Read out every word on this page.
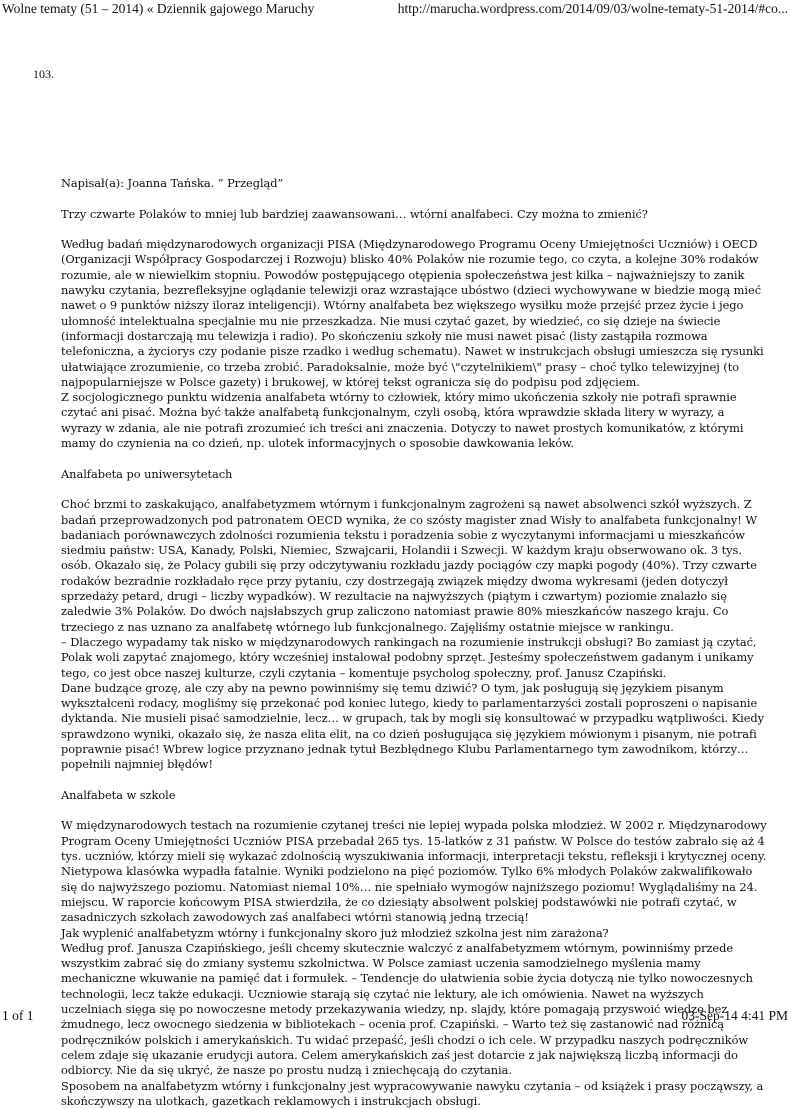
Wolne tematy (51 – 2014) « Dziennik gajowego Maruchy	http://marucha.wordpress.com/2014/09/03/wolne-tematy-51-2014/#co...
103.

Napisał(a): Joanna Tańska. ” Przegląd”

Trzy czwarte Polaków to mniej lub bardziej zaawansowani… wtórni analfabeci. Czy można to zmienić?

Według badań międzynarodowych organizacji PISA (Międzynarodowego Programu Oceny Umiejętności Uczniów) i OECD (Organizacji Współpracy Gospodarczej i Rozwoju) blisko 40% Polaków nie rozumie tego, co czyta, a kolejne 30% rodaków rozumie, ale w niewielkim stopniu. Powodów postępującego otępienia społeczeństwa jest kilka – najważniejszy to zanik nawyku czytania, bezrefleksyjne oglądanie telewizji oraz wzrastające ubóstwo (dzieci wychowywane w biedzie mogą mieć nawet o 9 punktów niższy iloraz inteligencji). Wtórny analfabeta bez większego wysiłku może przejść przez życie i jego ułomność intelektualna specjalnie mu nie przeszkadza. Nie musi czytać gazet, by wiedzieć, co się dzieje na świecie (informacji dostarczają mu telewizja i radio). Po skończeniu szkoły nie musi nawet pisać (listy zastąpiła rozmowa telefoniczna, a życiorys czy podanie pisze rzadko i według schematu). Nawet w instrukcjach obsługi umieszcza się rysunki ułatwiające zrozumienie, co trzeba zrobić. Paradoksalnie, może być \"czytelnikiem\" prasy – choć tylko telewizyjnej (to najpopularniejsze w Polsce gazety) i brukowej, w której tekst ogranicza się do podpisu pod zdjęciem.

Z socjologicznego punktu widzenia analfabeta wtórny to człowiek, który mimo ukończenia szkoły nie potrafi sprawnie czytać ani pisać. Można być także analfabetą funkcjonalnym, czyli osobą, która wprawdzie składa litery w wyrazy, a wyrazy w zdania, ale nie potrafi zrozumieć ich treści ani znaczenia. Dotyczy to nawet prostych komunikatów, z którymi mamy do czynienia na co dzień, np. ulotek informacyjnych o sposobie dawkowania leków.

Analfabeta po uniwersytetach

Choć brzmi to zaskakująco, analfabetyzmem wtórnym i funkcjonalnym zagrożeni są nawet absolwenci szkół wyższych. Z badań przeprowadzonych pod patronatem OECD wynika, że co szósty magister znad Wisły to analfabeta funkcjonalny! W badaniach porównawczych zdolności rozumienia tekstu i poradzenia sobie z wyczytanymi informacjami u mieszkańców siedmiu państw: USA, Kanady, Polski, Niemiec, Szwajcarii, Holandii i Szwecji. W każdym kraju obserwowano ok. 3 tys. osób. Okazało się, że Polacy gubili się przy odczytywaniu rozkładu jazdy pociągów czy mapki pogody (40%). Trzy czwarte rodaków bezradnie rozkładało ręce przy pytaniu, czy dostrzegają związek między dwoma wykresami (jeden dotyczył sprzedaży petard, drugi – liczby wypadków). W rezultacie na najwyższych (piątym i czwartym) poziomie znalazło się zaledwie 3% Polaków. Do dwóch najsłabszych grup zaliczono natomiast prawie 80% mieszkańców naszego kraju. Co trzeciego z nas uznano za analfabetę wtórnego lub funkcjonalnego. Zajęliśmy ostatnie miejsce w rankingu.

– Dlaczego wypadamy tak nisko w międzynarodowych rankingach na rozumienie instrukcji obsługi? Bo zamiast ją czytać, Polak woli zapytać znajomego, który wcześniej instalował podobny sprzęt. Jesteśmy społeczeństwem gadanym i unikamy tego, co jest obce naszej kulturze, czyli czytania – komentuje psycholog społeczny, prof. Janusz Czapiński.

Dane budzące grozę, ale czy aby na pewno powinniśmy się temu dziwić? O tym, jak posługują się językiem pisanym wykształceni rodacy, mogliśmy się przekonać pod koniec lutego, kiedy to parlamentarzyści zostali poproszeni o napisanie dyktanda. Nie musieli pisać samodzielnie, lecz… w grupach, tak by mogli się konsultować w przypadku wątpliwości. Kiedy sprawdzono wyniki, okazało się, że nasza elita elit, na co dzień posługująca się językiem mówionym i pisanym, nie potrafi poprawnie pisać! Wbrew logice przyznano jednak tytuł Bezbłędnego Klubu Parlamentarnego tym zawodnikom, którzy… popełnili najmniej błędów!

Analfabeta w szkole

W międzynarodowych testach na rozumienie czytanej treści nie lepiej wypada polska młodzież. W 2002 r. Międzynarodowy Program Oceny Umiejętności Uczniów PISA przebadał 265 tys. 15-latków z 31 państw. W Polsce do testów zabrało się aż 4 tys. uczniów, którzy mieli się wykazać zdolnością wyszukiwania informacji, interpretacji tekstu, refleksji i krytycznej oceny. Nietypowa klasówka wypadła fatalnie. Wyniki podzielono na pięć poziomów. Tylko 6% młodych Polaków zakwalifikowało się do najwyższego poziomu. Natomiast niemal 10%… nie spełniało wymogów najniższego poziomu! Wyglądaliśmy na 24. miejscu. W raporcie końcowym PISA stwierdziła, że co dziesiąty absolwent polskiej podstawówki nie potrafi czytać, w zasadniczych szkołach zawodowych zaś analfabeci wtórni stanowią jedną trzecią!

Jak wyplenić analfabetyzm wtórny i funkcjonalny skoro już młodzież szkolna jest nim zarażona?

Według prof. Janusza Czapińskiego, jeśli chcemy skutecznie walczyć z analfabetyzmem wtórnym, powinniśmy przede wszystkim zabrać się do zmiany systemu szkolnictwa. W Polsce zamiast uczenia samodzielnego myślenia mamy mechaniczne wkuwanie na pamięć dat i formułek. – Tendencje do ułatwienia sobie życia dotyczą nie tylko nowoczesnych technologii, lecz także edukacji. Uczniowie starają się czytać nie lektury, ale ich omówienia. Nawet na wyższych uczelniach sięga się po nowoczesne metody przekazywania wiedzy, np. slajdy, które pomagają przyswoić wiedzę bez żmudnego, lecz owocnego siedzenia w bibliotekach – ocenia prof. Czapiński. – Warto też się zastanowić nad różnicą podręczników polskich i amerykańskich. Tu widać przepaść, jeśli chodzi o ich cele. W przypadku naszych podręczników celem zdaje się ukazanie erudycji autora. Celem amerykańskich zaś jest dotarcie z jak największą liczbą informacji do odbiorcy. Nie da się ukryć, że nasze po prostu nudzą i zniechęcają do czytania.

Sposobem na analfabetyzm wtórny i funkcjonalny jest wypracowywanie nawyku czytania – od książek i prasy począwszy, a skończywszy na ulotkach, gazetkach reklamowych i instrukcjach obsługi.

1 of 1	03-Sep-14 4:41 PM
